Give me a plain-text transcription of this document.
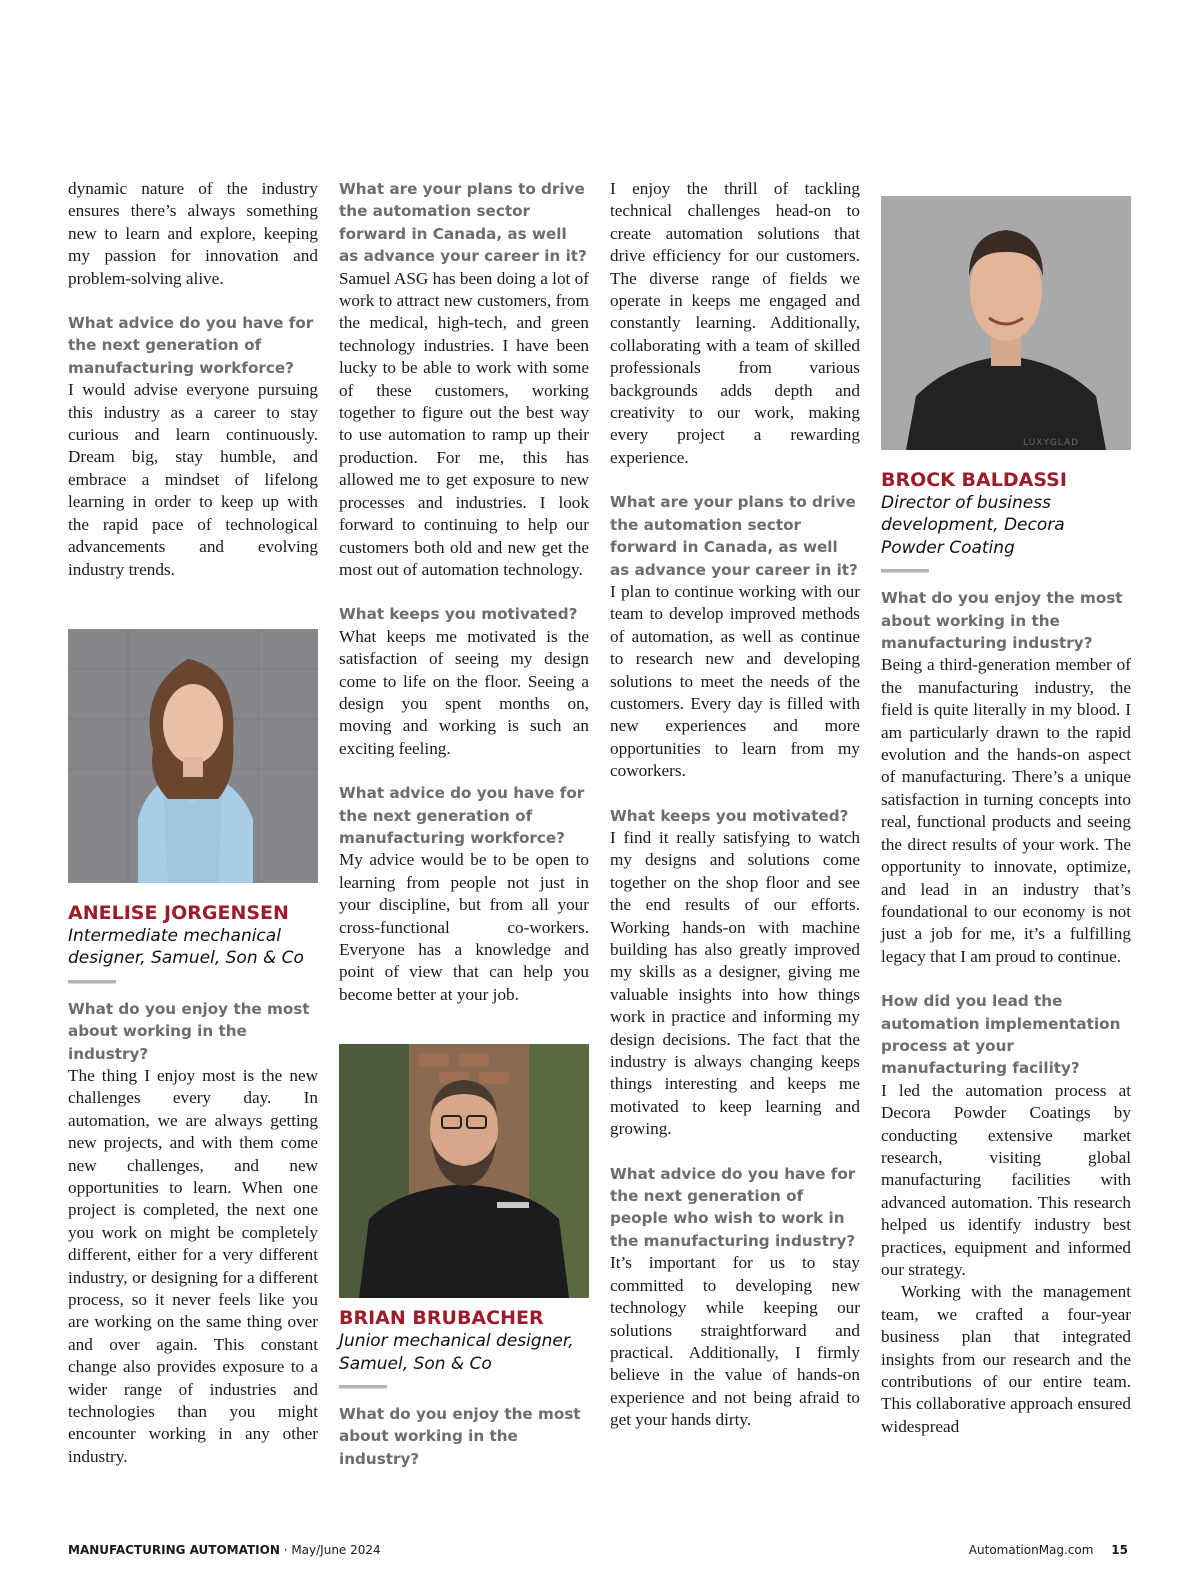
dynamic nature of the industry ensures there’s always something new to learn and explore, keeping my passion for innovation and problem-solving alive.

What advice do you have for the next generation of manufacturing workforce?

I would advise everyone pursuing this industry as a career to stay curious and learn continuously. Dream big, stay humble, and embrace a mindset of lifelong learning in order to keep up with the rapid pace of technological advancements and evolving industry trends.

ANELISE JORGENSEN

Intermediate mechanical designer, Samuel, Son & Co

What do you enjoy the most about working in the industry?

The thing I enjoy most is the new challenges every day. In automation, we are always getting new projects, and with them come new challenges, and new opportunities to learn. When one project is completed, the next one you work on might be completely different, either for a very different industry, or designing for a different process, so it never feels like you are working on the same thing over and over again. This constant change also provides exposure to a wider range of industries and technologies than you might encounter working in any other industry.

What are your plans to drive the automation sector forward in Canada, as well as advance your career in it?

Samuel ASG has been doing a lot of work to attract new customers, from the medical, high-tech, and green technology industries. I have been lucky to be able to work with some of these customers, working together to figure out the best way to use automation to ramp up their production. For me, this has allowed me to get exposure to new processes and industries. I look forward to continuing to help our customers both old and new get the most out of automation technology.

What keeps you motivated?

What keeps me motivated is the satisfaction of seeing my design come to life on the floor. Seeing a design you spent months on, moving and working is such an exciting feeling.

What advice do you have for the next generation of manufacturing workforce?

My advice would be to be open to learning from people not just in your discipline, but from all your cross-functional co-workers. Everyone has a knowledge and point of view that can help you become better at your job.

BRIAN BRUBACHER

Junior mechanical designer, Samuel, Son & Co

What do you enjoy the most about working in the industry?

I enjoy the thrill of tackling technical challenges head-on to create automation solutions that drive efficiency for our customers. The diverse range of fields we operate in keeps me engaged and constantly learning. Additionally, collaborating with a team of skilled professionals from various backgrounds adds depth and creativity to our work, making every project a rewarding experience.

What are your plans to drive the automation sector forward in Canada, as well as advance your career in it?

I plan to continue working with our team to develop improved methods of automation, as well as continue to research new and developing solutions to meet the needs of the customers. Every day is filled with new experiences and more opportunities to learn from my coworkers.

What keeps you motivated?

I find it really satisfying to watch my designs and solutions come together on the shop floor and see the end results of our efforts. Working hands-on with machine building has also greatly improved my skills as a designer, giving me valuable insights into how things work in practice and informing my design decisions. The fact that the industry is always changing keeps things interesting and keeps me motivated to keep learning and growing.

What advice do you have for the next generation of people who wish to work in the manufacturing industry?

It’s important for us to stay committed to developing new technology while keeping our solutions straightforward and practical. Additionally, I firmly believe in the value of hands-on experience and not being afraid to get your hands dirty.

LUXYGLAD
BROCK BALDASSI

Director of business development, Decora Powder Coating

What do you enjoy the most about working in the manufacturing industry?

Being a third-generation member of the manufacturing industry, the field is quite literally in my blood. I am particularly drawn to the rapid evolution and the hands-on aspect of manufacturing. There’s a unique satisfaction in turning concepts into real, functional products and seeing the direct results of your work. The opportunity to innovate, optimize, and lead in an industry that’s foundational to our economy is not just a job for me, it’s a fulfilling legacy that I am proud to continue.

How did you lead the automation implementation process at your manufacturing facility?

I led the automation process at Decora Powder Coatings by conducting extensive market research, visiting global manufacturing facilities with advanced automation. This research helped us identify industry best practices, equipment and informed our strategy.

Working with the management team, we crafted a four-year business plan that integrated insights from our research and the contributions of our entire team. This collaborative approach ensured widespread

MANUFACTURING AUTOMATION · May/June 2024	AutomationMag.com 15
